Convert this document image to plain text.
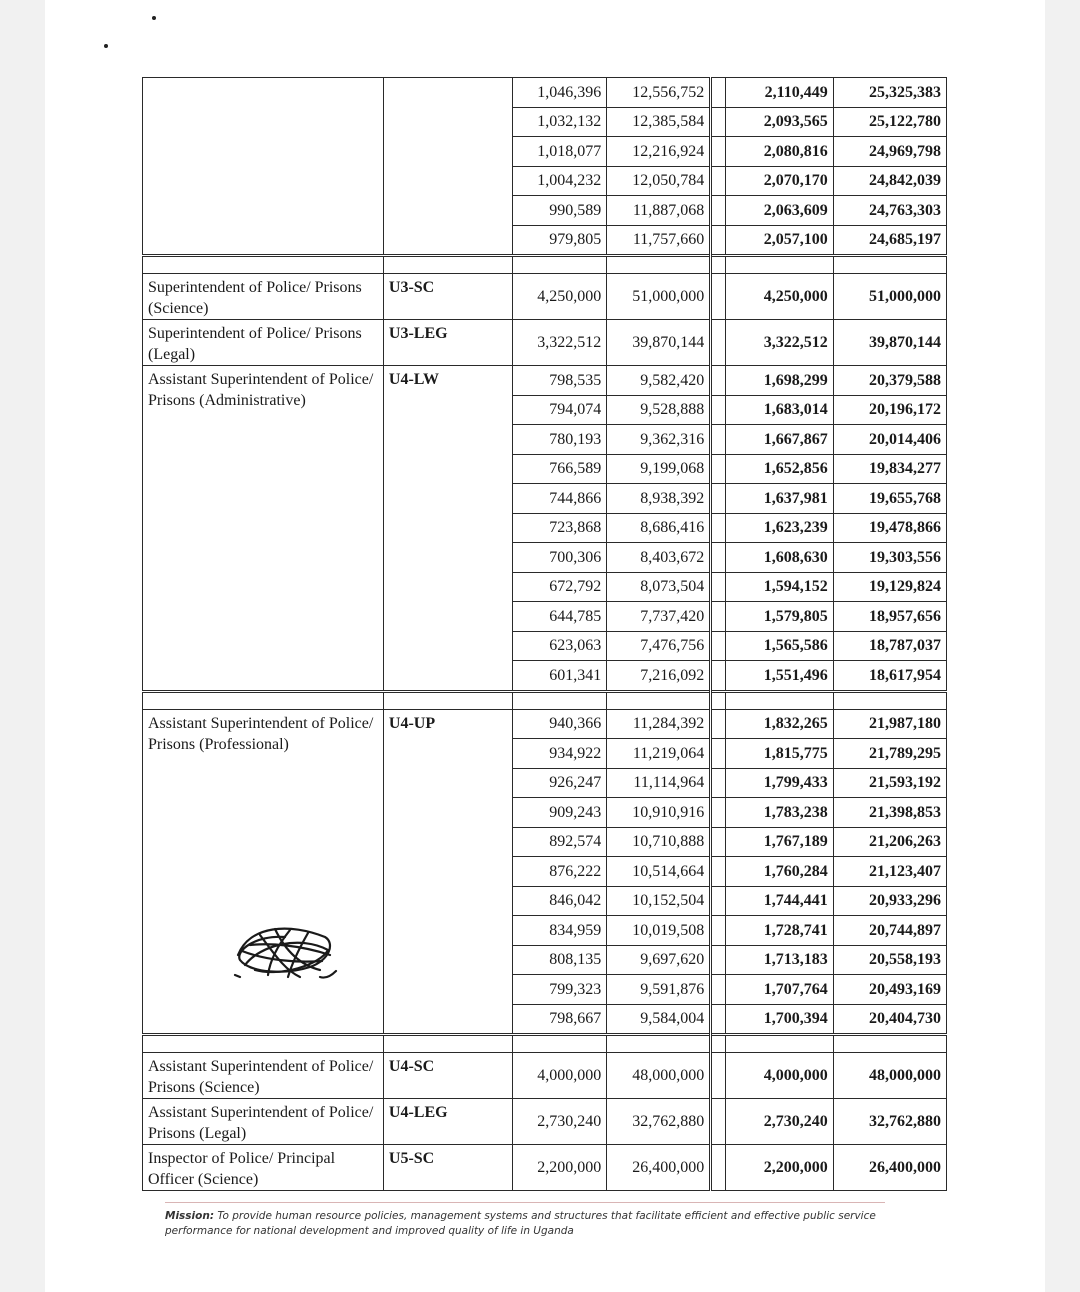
		1,046,396	12,556,752		2,110,449	25,325,383
		1,032,132	12,385,584		2,093,565	25,122,780
		1,018,077	12,216,924		2,080,816	24,969,798
		1,004,232	12,050,784		2,070,170	24,842,039
		990,589	11,887,068		2,063,609	24,763,303
		979,805	11,757,660		2,057,100	24,685,197

Superintendent of Police/ Prisons (Science)	U3-SC	4,250,000	51,000,000		4,250,000	51,000,000
Superintendent of Police/ Prisons (Legal)	U3-LEG	3,322,512	39,870,144		3,322,512	39,870,144
Assistant Superintendent of Police/ Prisons (Administrative)	U4-LW	798,535	9,582,420		1,698,299	20,379,588
		794,074	9,528,888		1,683,014	20,196,172
		780,193	9,362,316		1,667,867	20,014,406
		766,589	9,199,068		1,652,856	19,834,277
		744,866	8,938,392		1,637,981	19,655,768
		723,868	8,686,416		1,623,239	19,478,866
		700,306	8,403,672		1,608,630	19,303,556
		672,792	8,073,504		1,594,152	19,129,824
		644,785	7,737,420		1,579,805	18,957,656
		623,063	7,476,756		1,565,586	18,787,037
		601,341	7,216,092		1,551,496	18,617,954

Assistant Superintendent of Police/ Prisons (Professional)	U4-UP	940,366	11,284,392		1,832,265	21,987,180
		934,922	11,219,064		1,815,775	21,789,295
		926,247	11,114,964		1,799,433	21,593,192
		909,243	10,910,916		1,783,238	21,398,853
		892,574	10,710,888		1,767,189	21,206,263
		876,222	10,514,664		1,760,284	21,123,407
		846,042	10,152,504		1,744,441	20,933,296
		834,959	10,019,508		1,728,741	20,744,897
		808,135	9,697,620		1,713,183	20,558,193
		799,323	9,591,876		1,707,764	20,493,169
		798,667	9,584,004		1,700,394	20,404,730

Assistant Superintendent of Police/ Prisons (Science)	U4-SC	4,000,000	48,000,000		4,000,000	48,000,000
Assistant Superintendent of Police/ Prisons (Legal)	U4-LEG	2,730,240	32,762,880		2,730,240	32,762,880
Inspector of Police/ Principal Officer (Science)	U5-SC	2,200,000	26,400,000		2,200,000	26,400,000
Mission: To provide human resource policies, management systems and structures that facilitate efficient and effective public service performance for national development and improved quality of life in Uganda
